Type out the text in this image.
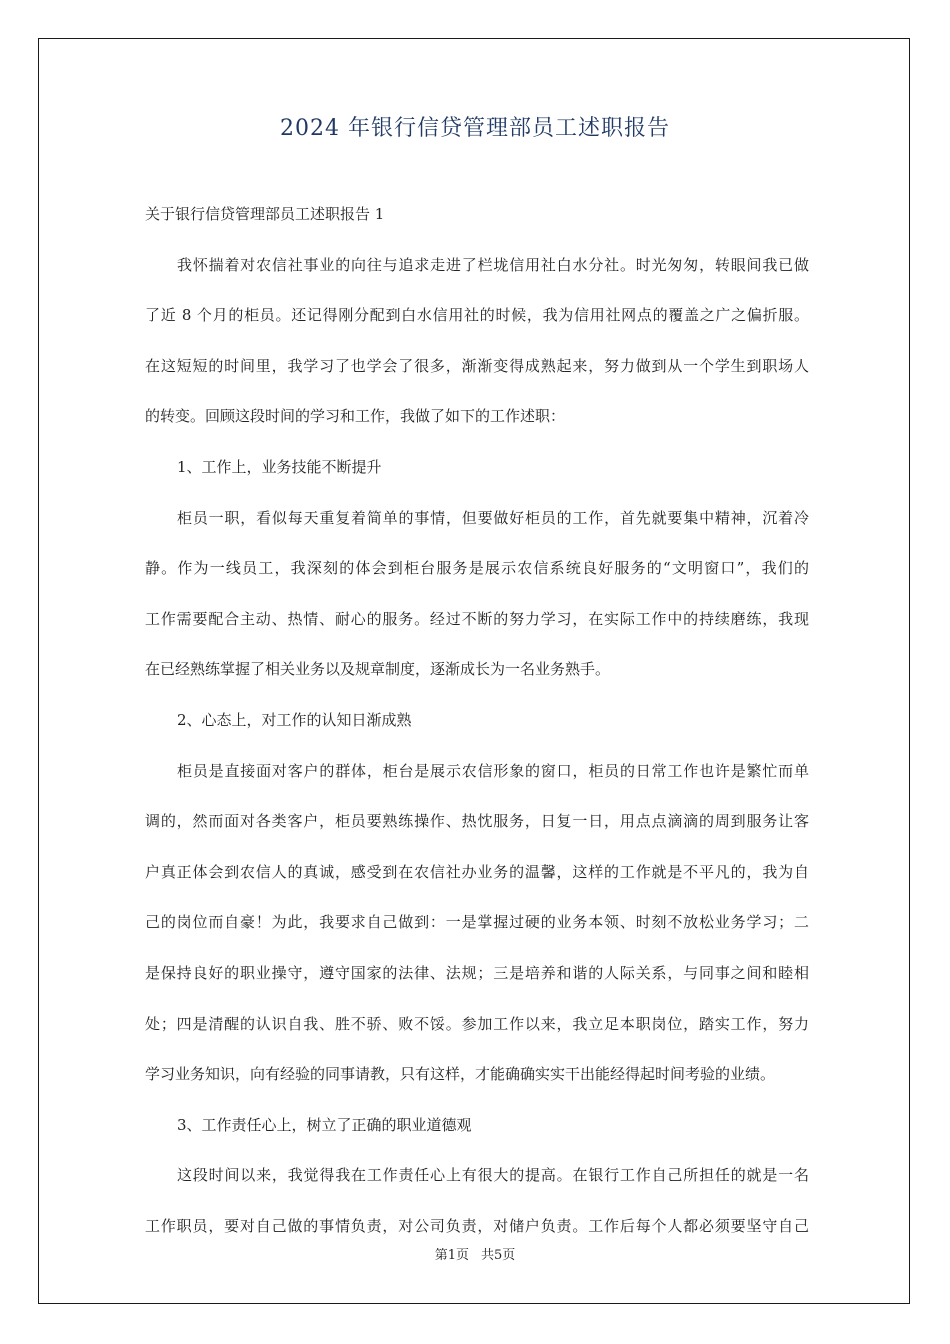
2024 年银行信贷管理部员工述职报告
关于银行信贷管理部员工述职报告 1
我怀揣着对农信社事业的向往与追求走进了栏垅信用社白水分社。时光匆匆，转眼间我已做
了近 8 个月的柜员。还记得刚分配到白水信用社的时候，我为信用社网点的覆盖之广之偏折服。
在这短短的时间里，我学习了也学会了很多，渐渐变得成熟起来，努力做到从一个学生到职场人
的转变。回顾这段时间的学习和工作，我做了如下的工作述职：
1、工作上，业务技能不断提升
柜员一职，看似每天重复着简单的事情，但要做好柜员的工作，首先就要集中精神，沉着冷
静。作为一线员工，我深刻的体会到柜台服务是展示农信系统良好服务的“文明窗口”，我们的
工作需要配合主动、热情、耐心的服务。经过不断的努力学习，在实际工作中的持续磨练，我现
在已经熟练掌握了相关业务以及规章制度，逐渐成长为一名业务熟手。
2、心态上，对工作的认知日渐成熟
柜员是直接面对客户的群体，柜台是展示农信形象的窗口，柜员的日常工作也许是繁忙而单
调的，然而面对各类客户，柜员要熟练操作、热忱服务，日复一日，用点点滴滴的周到服务让客
户真正体会到农信人的真诚，感受到在农信社办业务的温馨，这样的工作就是不平凡的，我为自
己的岗位而自豪！为此，我要求自己做到：一是掌握过硬的业务本领、时刻不放松业务学习；二
是保持良好的职业操守，遵守国家的法律、法规；三是培养和谐的人际关系，与同事之间和睦相
处；四是清醒的认识自我、胜不骄、败不馁。参加工作以来，我立足本职岗位，踏实工作，努力
学习业务知识，向有经验的同事请教，只有这样，才能确确实实干出能经得起时间考验的业绩。
3、工作责任心上，树立了正确的职业道德观
这段时间以来，我觉得我在工作责任心上有很大的提高。在银行工作自己所担任的就是一名
工作职员，要对自己做的事情负责，对公司负责，对储户负责。工作后每个人都必须要坚守自己
第1页 共5页
